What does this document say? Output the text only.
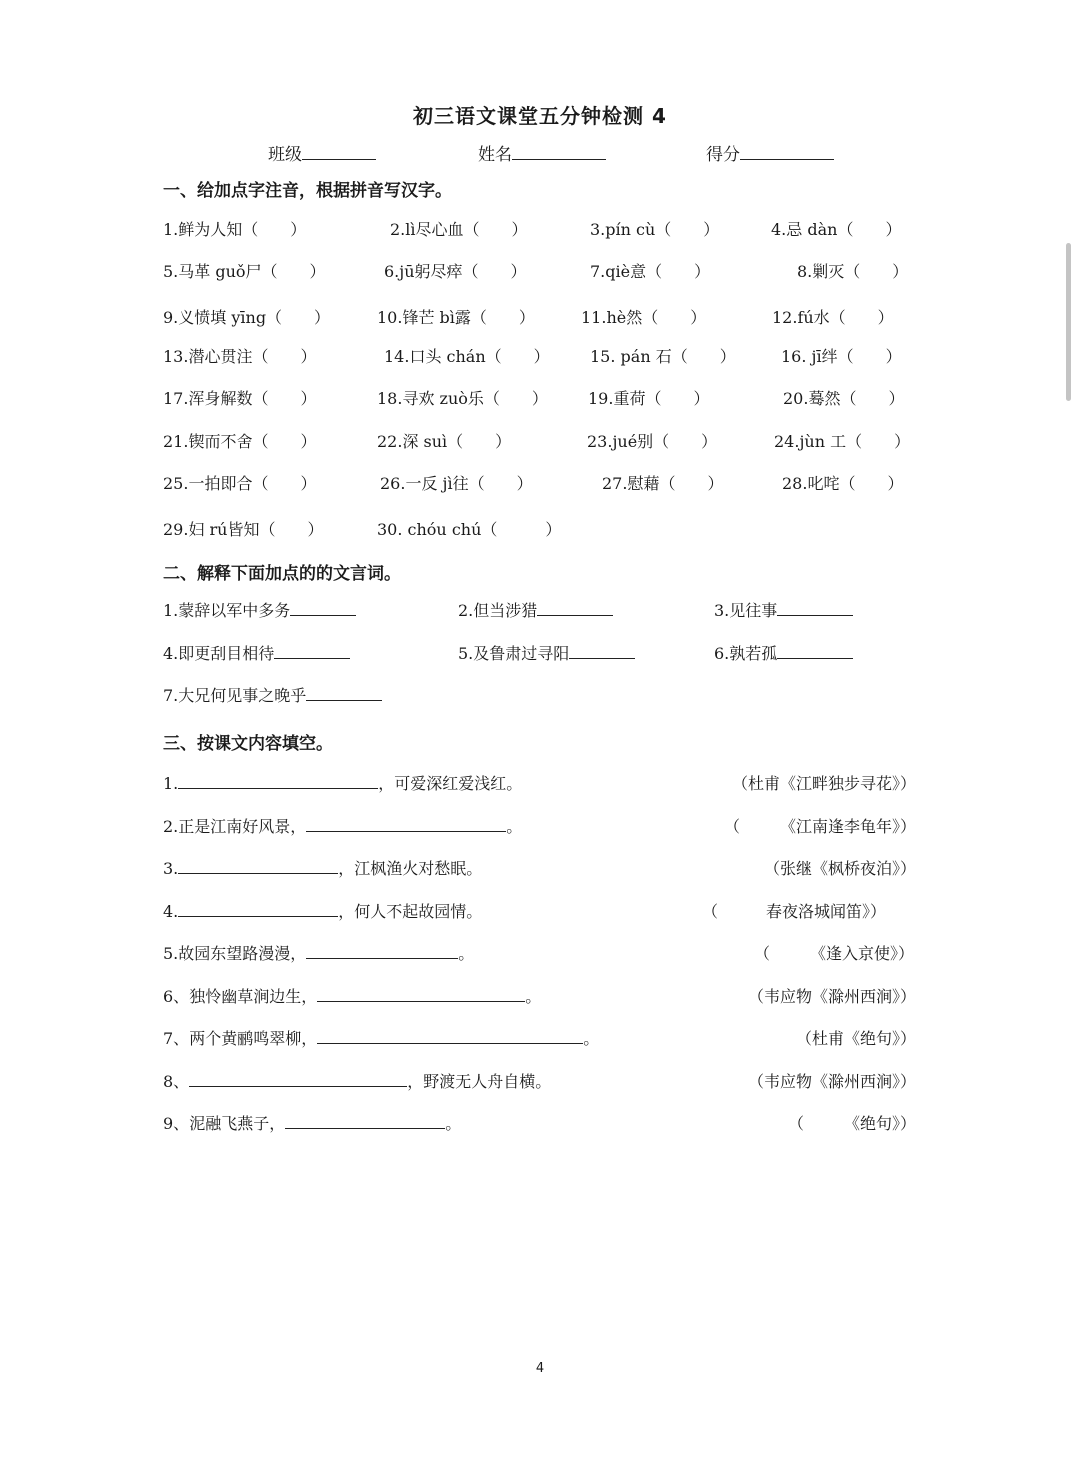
初三语文课堂五分钟检测 4
班级	姓名	得分
一、给加点字注音，根据拼音写汉字。
1.鲜为人知（　　）	2.lì尽心血（　　）	3.pín cù（　　）	4.忌 dàn（　　）
5.马革 guǒ尸（　　）	6.jū躬尽瘁（　　）	7.qiè意（　　）	8.剿灭（　　）
9.义愤填 yīng（　　）	10.锋芒 bì露（　　）	11.hè然（　　）	12.fú水（　　）
13.潜心贯注（　　）	14.口头 chán（　　）	15. pán 石（　　）	16. jī绊（　　）
17.浑身解数（　　）	18.寻欢 zuò乐（　　）	19.重荷（　　）	20.蓦然（　　）
21.锲而不舍（　　）	22.深 suì（　　）	23.jué别（　　）	24.jùn 工（　　）
25.一拍即合（　　）	26.一反 jì往（　　）	27.慰藉（　　）	28.叱咤（　　）
29.妇 rú皆知（　　）	30. chóu chú（　　　）
二、解释下面加点的的文言词。
1.蒙辞以军中多务	2.但当涉猎	3.见往事
4.即更刮目相待	5.及鲁肃过寻阳	6.孰若孤
7.大兄何见事之晚乎
三、按课文内容填空。
1.	，可爱深红爱浅红。	（杜甫《江畔独步寻花》）
2.正是江南好风景，	。	（　　　《江南逢李龟年》）
3.	，江枫渔火对愁眠。	（张继《枫桥夜泊》）
4.	，何人不起故园情。	（　　　春夜洛城闻笛》）
5.故园东望路漫漫，	。	（　　　《逢入京使》）
6、独怜幽草涧边生，	。	（韦应物《滁州西涧》）
7、两个黄鹂鸣翠柳，	。	（杜甫《绝句》）
8、	，野渡无人舟自横。	（韦应物《滁州西涧》）
9、泥融飞燕子，	。	（　　　《绝句》）
4
